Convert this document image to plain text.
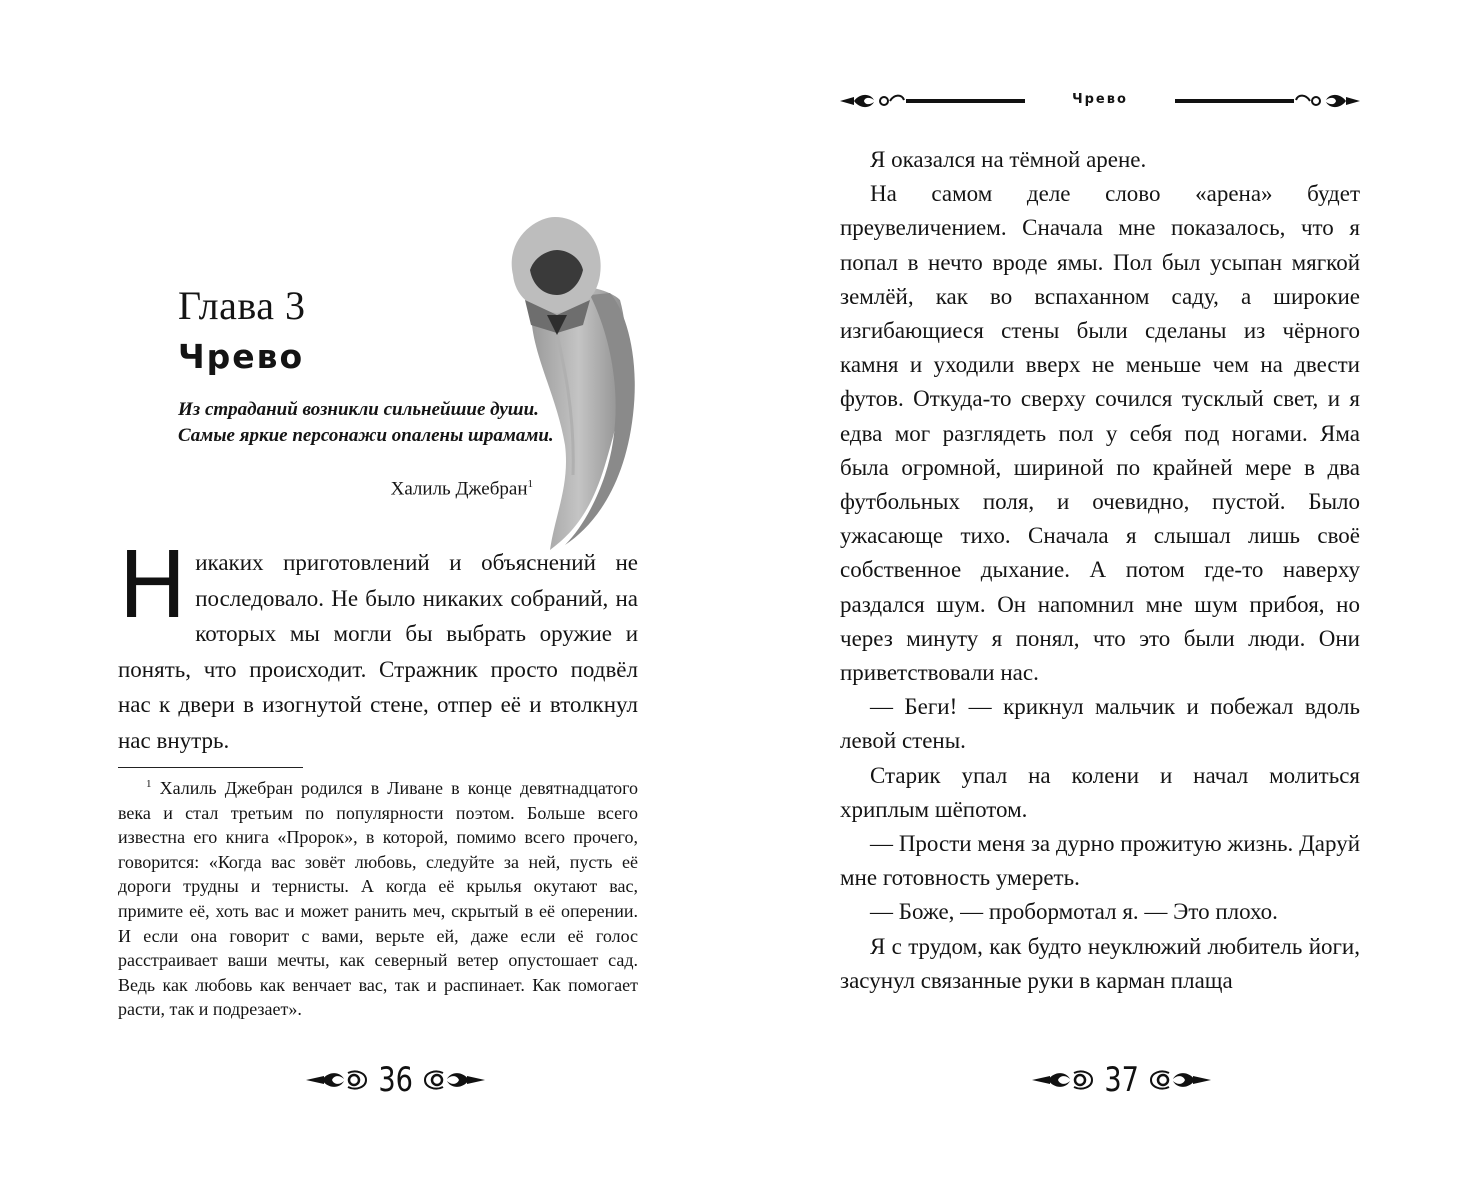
Глава 3
Чрево
Из страданий возникли сильнейшие души. Самые яркие персонажи опалены шрамами.
Халиль Джебран$^1$
Н икаких приготовлений и объяснений не последовало. Не было никаких собраний, на которых мы могли бы выбрать оружие и понять, что происходит. Стражник просто подвёл нас к двери в изогнутой стене, отпер её и втолкнул нас внутрь.

$^1$ Халиль Джебран родился в Ливане в конце девятнадцатого века и стал третьим по популярности поэтом. Больше всего известна его книга «Пророк», в которой, помимо всего прочего, говорится: «Когда вас зовёт любовь, следуйте за ней, пусть её дороги трудны и тернисты. А когда её крылья окутают вас, примите её, хоть вас и может ранить меч, скрытый в её оперении. И если она говорит с вами, верьте ей, даже если её голос расстраивает ваши мечты, как северный ветер опустошает сад. Ведь как любовь как венчает вас, так и распинает. Как помогает расти, так и подрезает».

36
Чрево

Я оказался на тёмной арене.

На самом деле слово «арена» будет преувеличением. Сначала мне показалось, что я попал в нечто вроде ямы. Пол был усыпан мягкой землёй, как во вспаханном саду, а широкие изгибающиеся стены были сделаны из чёрного камня и уходили вверх не меньше чем на двести футов. Откуда-то сверху сочился тусклый свет, и я едва мог разглядеть пол у себя под ногами. Яма была огромной, шириной по крайней мере в два футбольных поля, и очевидно, пустой. Было ужасающе тихо. Сначала я слышал лишь своё собственное дыхание. А потом где-то наверху раздался шум. Он напомнил мне шум прибоя, но через минуту я понял, что это были люди. Они приветствовали нас.

— Беги! — крикнул мальчик и побежал вдоль левой стены.

Старик упал на колени и начал молиться хриплым шёпотом.

— Прости меня за дурно прожитую жизнь. Даруй мне готовность умереть.

— Боже, — пробормотал я. — Это плохо.

Я с трудом, как будто неуклюжий любитель йоги, засунул связанные руки в карман плаща

37
